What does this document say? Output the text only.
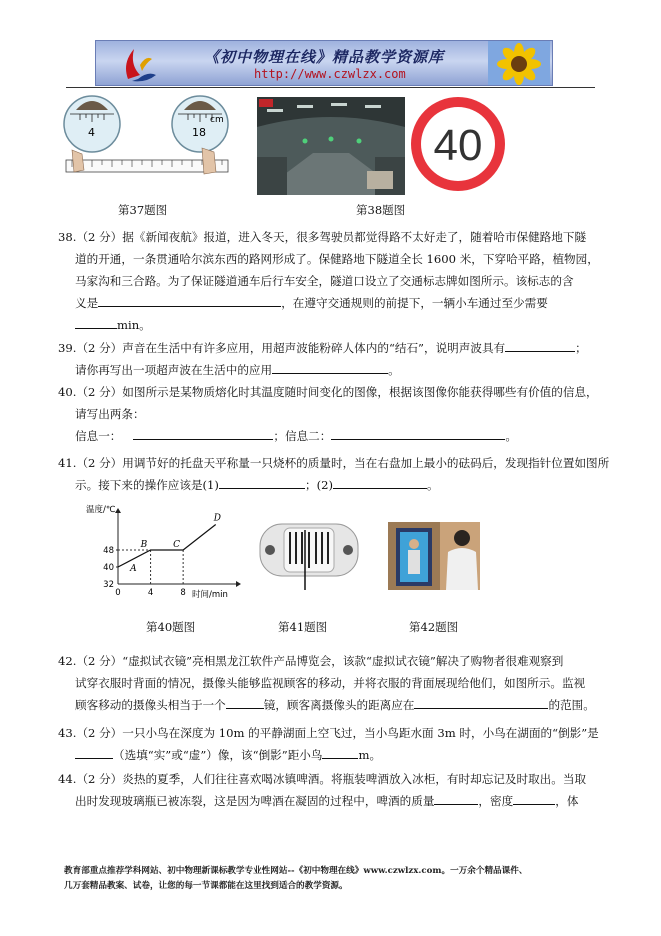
《初中物理在线》精品教学资源库
http://www.czwlzx.com
4	18
cm
第37题图	第38题图
40
38.（2 分）据《新闻夜航》报道，进入冬天，很多驾驶员都觉得路不太好走了，随着哈市保健路地下隧
道的开通，一条贯通哈尔滨东西的路网形成了。保健路地下隧道全长 1600 米，下穿哈平路，植物园，
马家沟和三合路。为了保证隧道通车后行车安全，隧道口设立了交通标志牌如图所示。该标志的含
义是	，在遵守交通规则的前提下，一辆小车通过至少需要
min。
39.（2 分）声音在生活中有许多应用，用超声波能粉碎人体内的“结石”，说明声波具有	；
请你再写出一项超声波在生活中的应用	。
40.（2 分）如图所示是某物质熔化时其温度随时间变化的图像，根据该图像你能获得哪些有价值的信息，
请写出两条：
信息一：	；信息二：	。
41.（2 分）用调节好的托盘天平称量一只烧杯的质量时，当在右盘加上最小的砝码后，发现指针位置如图所
示。接下来的操作应该是(1)	；(2)	。
温度/℃
时间/min
32
40
48
0	4	8
A
B	C
D
第40题图	第41题图	第42题图
42.（2 分）“虚拟试衣镜”亮相黑龙江软件产品博览会，该款“虚拟试衣镜”解决了购物者很难观察到
试穿衣服时背面的情况，摄像头能够监视顾客的移动，并将衣服的背面展现给他们，如图所示。监视
顾客移动的摄像头相当于一个	镜，顾客离摄像头的距离应在	的范围。
43.（2 分）一只小鸟在深度为 10m 的平静湖面上空飞过，当小鸟距水面 3m 时，小鸟在湖面的“倒影”是
（选填“实”或“虚”）像，该“倒影”距小鸟	m。
44.（2 分）炎热的夏季，人们往往喜欢喝冰镇啤酒。将瓶装啤酒放入冰柜，有时却忘记及时取出。当取
出时发现玻璃瓶已被冻裂，这是因为啤酒在凝固的过程中，啤酒的质量	，密度	，体
教育部重点推荐学科网站、初中物理新课标教学专业性网站--《初中物理在线》www.czwlzx.com。一万余个精品课件、
几万套精品教案、试卷，让您的每一节课都能在这里找到适合的教学资源。
